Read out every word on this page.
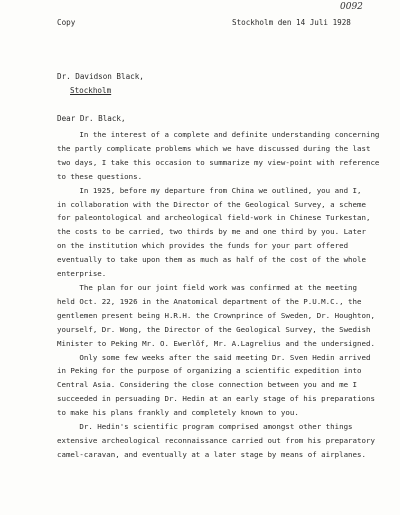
0092
Copy	Stockholm den 14 Juli 1928
Dr. Davidson Black,
Stockholm
Dear Dr. Black,
In the interest of a complete and definite understanding concerning
the partly complicate problems which we have discussed during the last
two days, I take this occasion to summarize my view-point with reference
to these questions.
In 1925, before my departure from China we outlined, you and I,
in collaboration with the Director of the Geological Survey, a scheme
for paleontological and archeological field-work in Chinese Turkestan,
the costs to be carried, two thirds by me and one third by you. Later
on the institution which provides the funds for your part offered
eventually to take upon them as much as half of the cost of the whole
enterprise.
The plan for our joint field work was confirmed at the meeting
held Oct. 22, 1926 in the Anatomical department of the P.U.M.C., the
gentlemen present being H.R.H. the Crownprince of Sweden, Dr. Houghton,
yourself, Dr. Wong, the Director of the Geological Survey, the Swedish
Minister to Peking Mr. O. Ewerlöf, Mr. A.Lagrelius and the undersigned.
Only some few weeks after the said meeting Dr. Sven Hedin arrived
in Peking for the purpose of organizing a scientific expedition into
Central Asia. Considering the close connection between you and me I
succeeded in persuading Dr. Hedin at an early stage of his preparations
to make his plans frankly and completely known to you.
Dr. Hedin's scientific program comprised amongst other things
extensive archeological reconnaissance carried out from his preparatory
camel-caravan, and eventually at a later stage by means of airplanes.
